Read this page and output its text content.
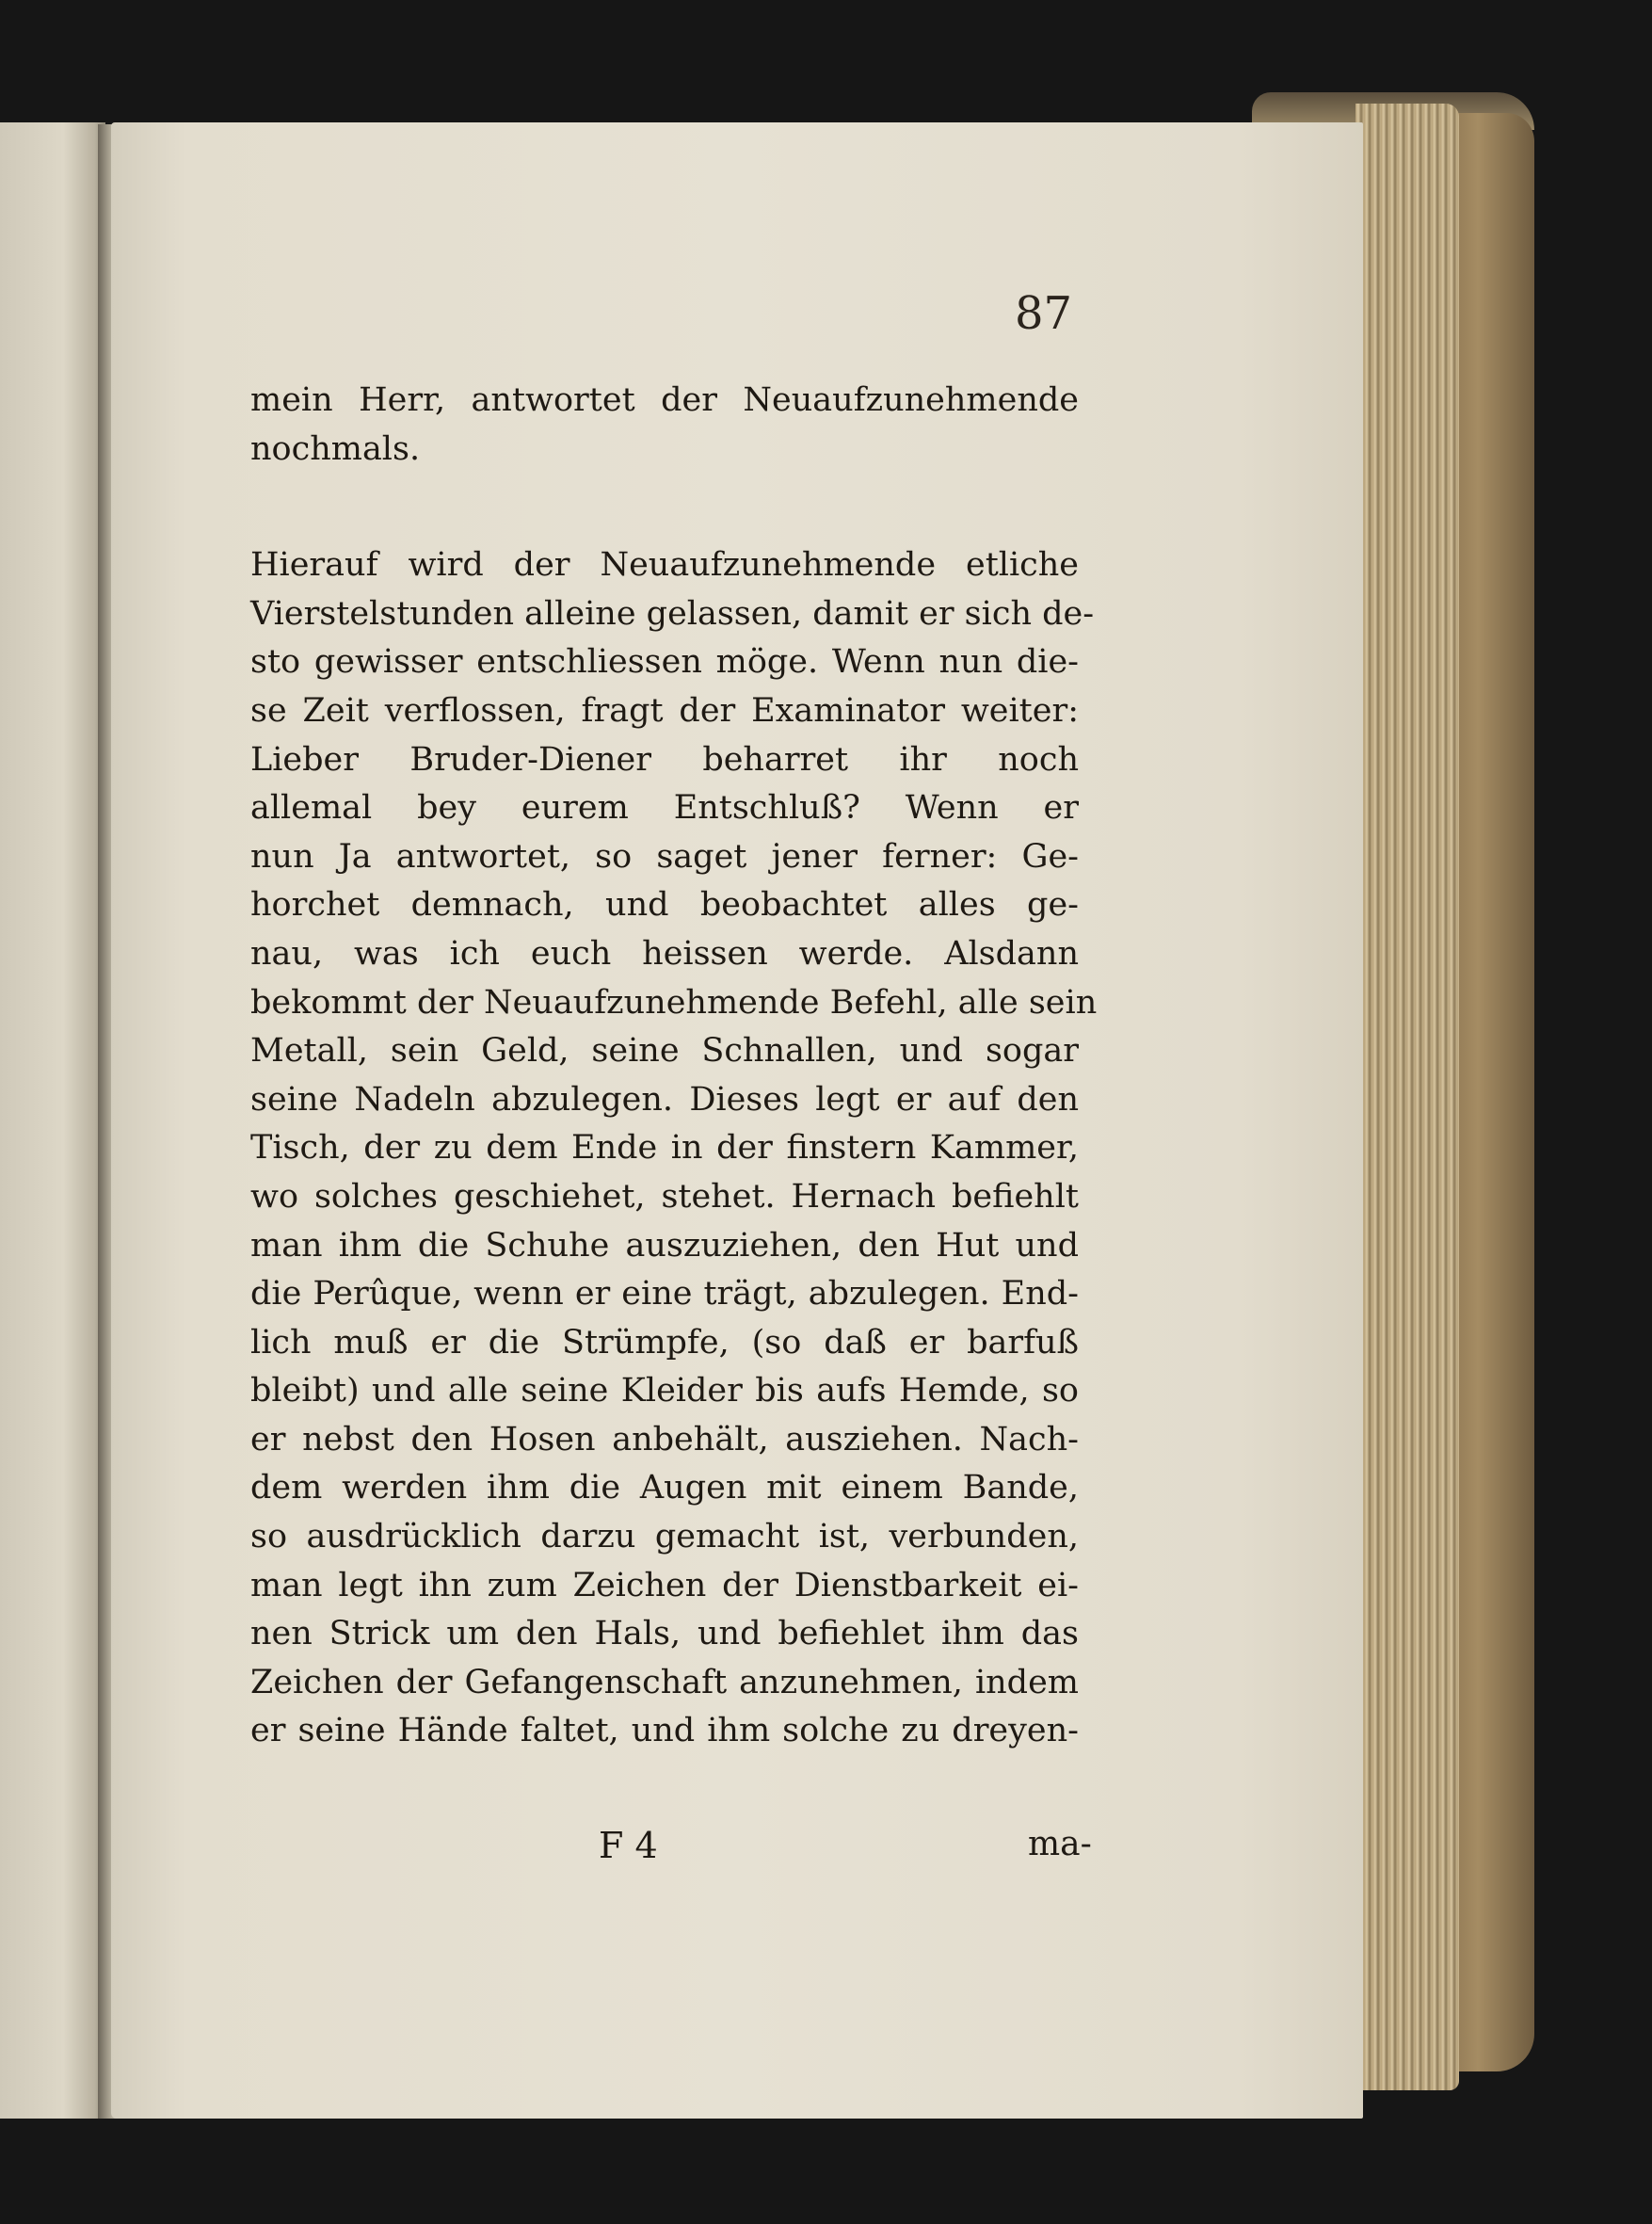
87
mein Herr, antwortet der Neuaufzunehmende
nochmals.
Hierauf wird der Neuaufzunehmende etliche
Vierstelstunden alleine gelassen, damit er sich de-
sto gewisser entschliessen möge. Wenn nun die-
se Zeit verflossen, fragt der Examinator weiter:
Lieber Bruder-Diener beharret ihr noch
allemal bey eurem Entschluß? Wenn er
nun Ja antwortet, so saget jener ferner: Ge-
horchet demnach, und beobachtet alles ge-
nau, was ich euch heissen werde. Alsdann
bekommt der Neuaufzunehmende Befehl, alle sein
Metall, sein Geld, seine Schnallen, und sogar
seine Nadeln abzulegen. Dieses legt er auf den
Tisch, der zu dem Ende in der finstern Kammer,
wo solches geschiehet, stehet. Hernach befiehlt
man ihm die Schuhe auszuziehen, den Hut und
die Perûque, wenn er eine trägt, abzulegen. End-
lich muß er die Strümpfe, (so daß er barfuß
bleibt) und alle seine Kleider bis aufs Hemde, so
er nebst den Hosen anbehält, ausziehen. Nach-
dem werden ihm die Augen mit einem Bande,
so ausdrücklich darzu gemacht ist, verbunden,
man legt ihn zum Zeichen der Dienstbarkeit ei-
nen Strick um den Hals, und befiehlet ihm das
Zeichen der Gefangenschaft anzunehmen, indem
er seine Hände faltet, und ihm solche zu dreyen-
F 4	ma-
